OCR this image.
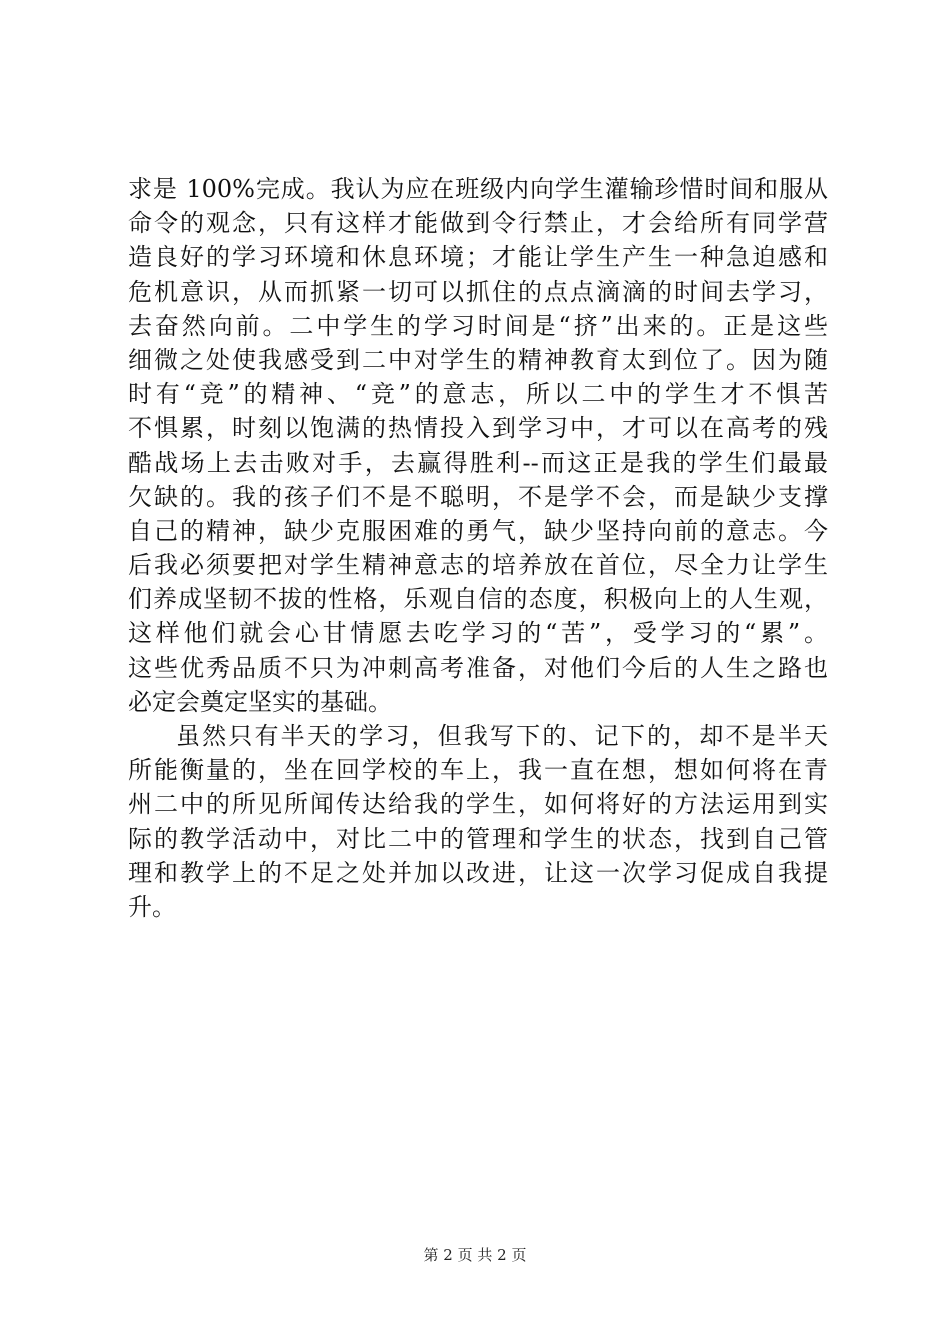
求是 100%完成。我认为应在班级内向学生灌输珍惜时间和服从
命令的观念，只有这样才能做到令行禁止，才会给所有同学营
造良好的学习环境和休息环境；才能让学生产生一种急迫感和
危机意识，从而抓紧一切可以抓住的点点滴滴的时间去学习，
去奋然向前。二中学生的学习时间是“挤”出来的。正是这些
细微之处使我感受到二中对学生的精神教育太到位了。因为随
时有“竞”的精神、“竞”的意志，所以二中的学生才不惧苦
不惧累，时刻以饱满的热情投入到学习中，才可以在高考的残
酷战场上去击败对手，去赢得胜利--而这正是我的学生们最最
欠缺的。我的孩子们不是不聪明，不是学不会，而是缺少支撑
自己的精神，缺少克服困难的勇气，缺少坚持向前的意志。今
后我必须要把对学生精神意志的培养放在首位，尽全力让学生
们养成坚韧不拔的性格，乐观自信的态度，积极向上的人生观，
这样他们就会心甘情愿去吃学习的“苦”，受学习的“累”。
这些优秀品质不只为冲刺高考准备，对他们今后的人生之路也
必定会奠定坚实的基础。
虽然只有半天的学习，但我写下的、记下的，却不是半天
所能衡量的，坐在回学校的车上，我一直在想，想如何将在青
州二中的所见所闻传达给我的学生，如何将好的方法运用到实
际的教学活动中，对比二中的管理和学生的状态，找到自己管
理和教学上的不足之处并加以改进，让这一次学习促成自我提
升。
第 2 页 共 2 页
